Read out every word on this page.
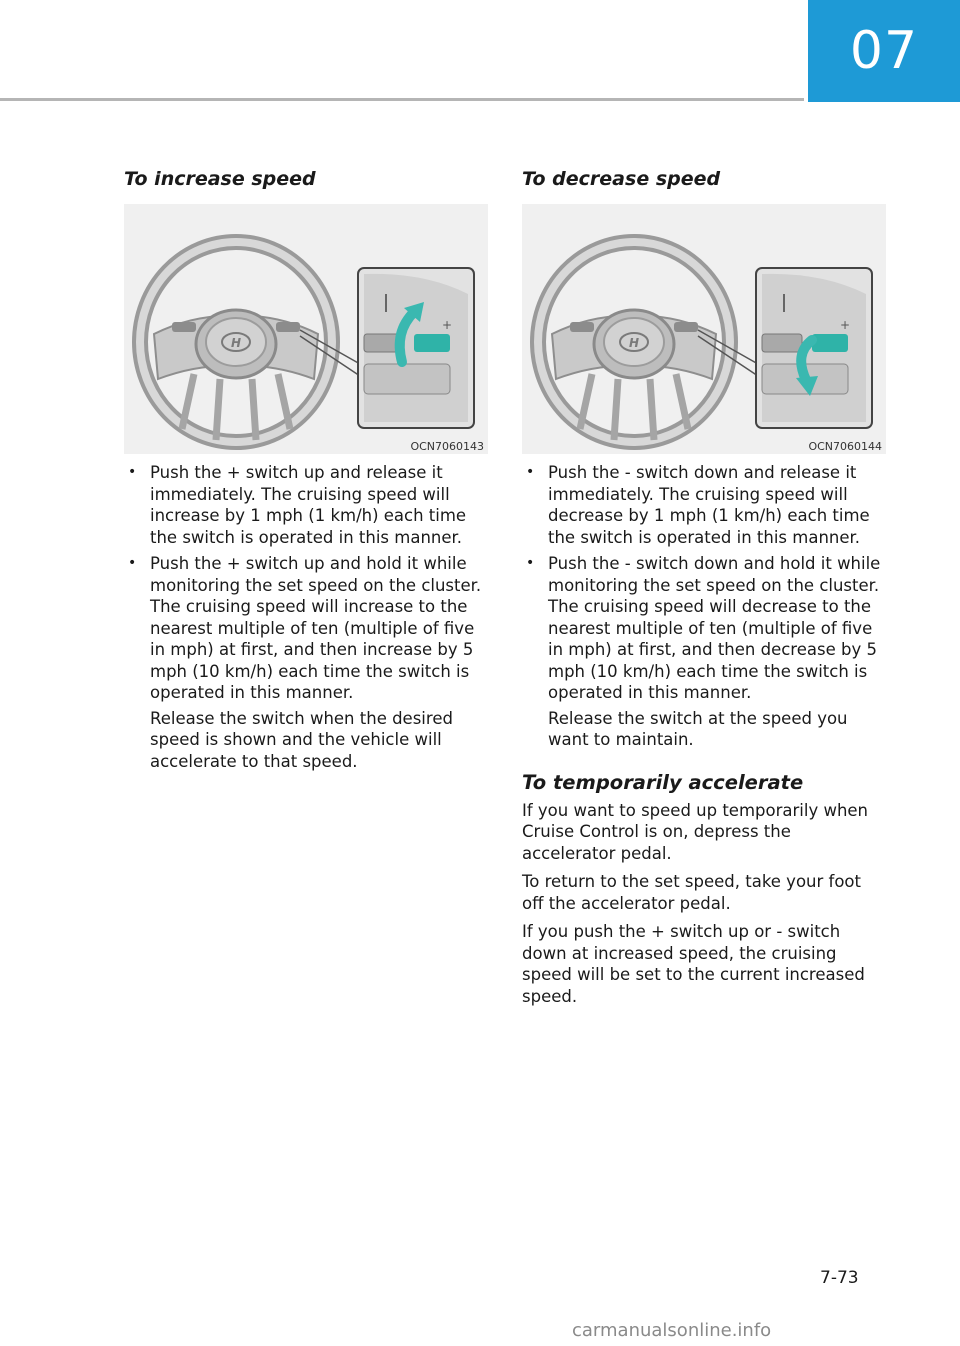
07
To increase speed
H
+
OCN7060143
• Push the + switch up and release it immediately. The cruising speed will increase by 1 mph (1 km/h) each time the switch is operated in this manner.
• Push the + switch up and hold it while monitoring the set speed on the cluster. The cruising speed will increase to the nearest multiple of ten (multiple of five in mph) at first, and then increase by 5 mph (10 km/h) each time the switch is operated in this manner.

Release the switch when the desired speed is shown and the vehicle will accelerate to that speed.

To decrease speed
H
+
OCN7060144
• Push the - switch down and release it immediately. The cruising speed will decrease by 1 mph (1 km/h) each time the switch is operated in this manner.
• Push the - switch down and hold it while monitoring the set speed on the cluster. The cruising speed will decrease to the nearest multiple of ten (multiple of five in mph) at first, and then decrease by 5 mph (10 km/h) each time the switch is operated in this manner.

Release the switch at the speed you want to maintain.

To temporarily accelerate

If you want to speed up temporarily when Cruise Control is on, depress the accelerator pedal.

To return to the set speed, take your foot off the accelerator pedal.

If you push the + switch up or - switch down at increased speed, the cruising speed will be set to the current increased speed.

7-73
carmanualsonline.info
